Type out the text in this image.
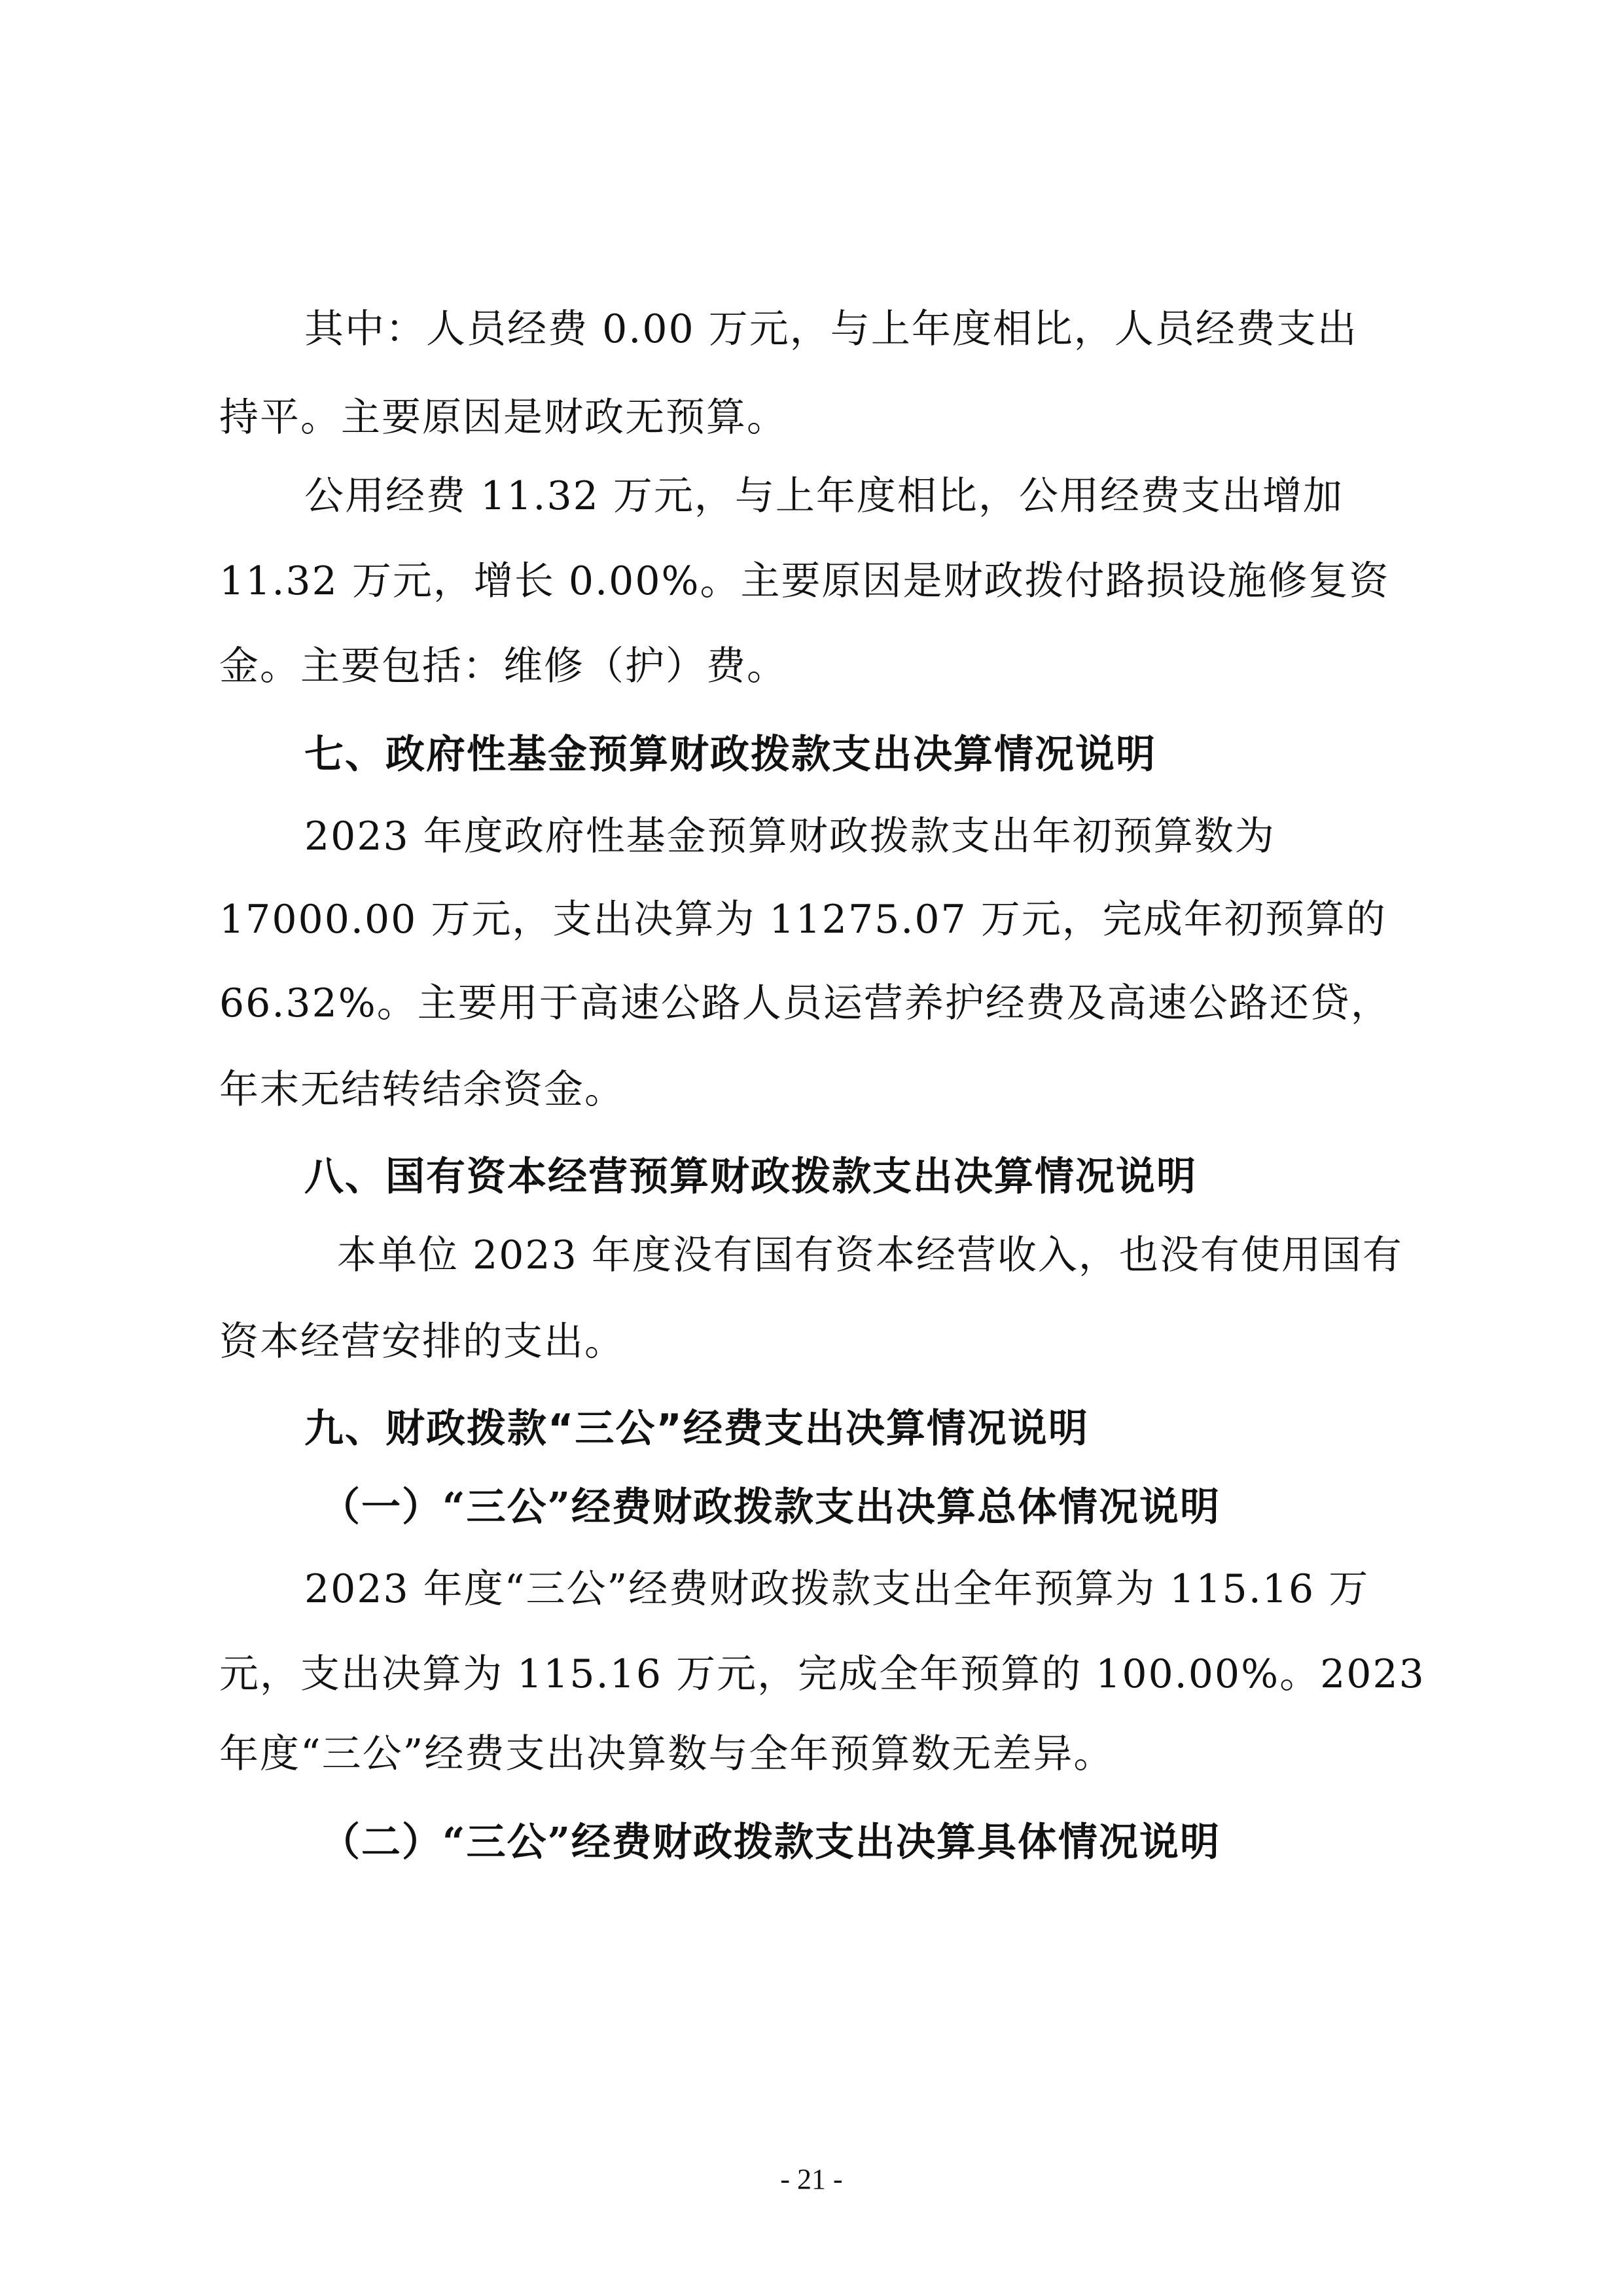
其中：人员经费 0.00 万元，与上年度相比，人员经费支出
持平。主要原因是财政无预算。
公用经费 11.32 万元，与上年度相比，公用经费支出增加
11.32 万元，增长 0.00%。主要原因是财政拨付路损设施修复资
金。主要包括：维修（护）费。
七、政府性基金预算财政拨款支出决算情况说明
2023 年度政府性基金预算财政拨款支出年初预算数为
17000.00 万元，支出决算为 11275.07 万元，完成年初预算的
66.32%。主要用于高速公路人员运营养护经费及高速公路还贷，
年末无结转结余资金。
八、国有资本经营预算财政拨款支出决算情况说明
本单位 2023 年度没有国有资本经营收入，也没有使用国有
资本经营安排的支出。
九、财政拨款“三公”经费支出决算情况说明
（一）“三公”经费财政拨款支出决算总体情况说明
2023 年度“三公”经费财政拨款支出全年预算为 115.16 万
元，支出决算为 115.16 万元，完成全年预算的 100.00%。2023
年度“三公”经费支出决算数与全年预算数无差异。
（二）“三公”经费财政拨款支出决算具体情况说明
- 21 -
